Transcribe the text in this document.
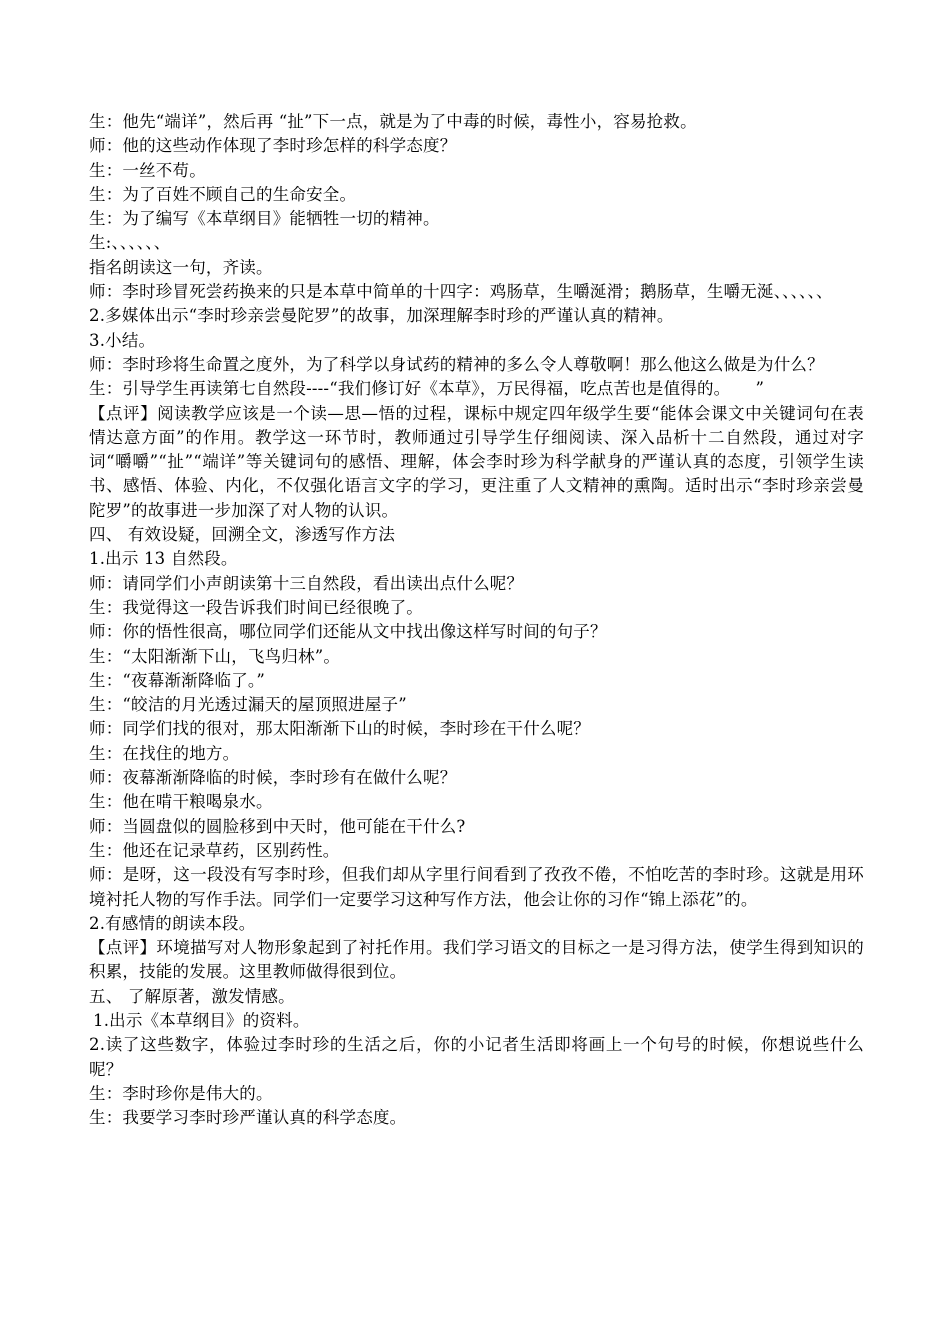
生：他先“端详”，然后再 “扯”下一点，就是为了中毒的时候，毒性小，容易抢救。

师：他的这些动作体现了李时珍怎样的科学态度？

生：一丝不苟。

生：为了百姓不顾自己的生命安全。

生：为了编写《本草纲目》能牺牲一切的精神。

生:、、、、、、

指名朗读这一句，齐读。

师：李时珍冒死尝药换来的只是本草中简单的十四字：鸡肠草，生嚼涎滑；鹅肠草，生嚼无涎、、、、、、

2.多媒体出示“李时珍亲尝曼陀罗”的故事，加深理解李时珍的严谨认真的精神。

3.小结。

师：李时珍将生命置之度外，为了科学以身试药的精神的多么令人尊敬啊！那么他这么做是为什么？

生：引导学生再读第七自然段----“我们修订好《本草》，万民得福，吃点苦也是值得的。　　”

【点评】阅读教学应该是一个读—思—悟的过程，课标中规定四年级学生要“能体会课文中关键词句在表情达意方面”的作用。教学这一环节时，教师通过引导学生仔细阅读、深入品析十二自然段，通过对字词“嚼嚼”“扯”“端详”等关键词句的感悟、理解，体会李时珍为科学献身的严谨认真的态度，引领学生读书、感悟、体验、内化，不仅强化语言文字的学习，更注重了人文精神的熏陶。适时出示“李时珍亲尝曼陀罗”的故事进一步加深了对人物的认识。

四、 有效设疑，回溯全文，渗透写作方法

1.出示 13 自然段。

师：请同学们小声朗读第十三自然段，看出读出点什么呢？

生：我觉得这一段告诉我们时间已经很晚了。

师：你的悟性很高，哪位同学们还能从文中找出像这样写时间的句子？

生：“太阳渐渐下山，飞鸟归林”。

生：“夜幕渐渐降临了。”

生：“皎洁的月光透过漏天的屋顶照进屋子”

师：同学们找的很对，那太阳渐渐下山的时候，李时珍在干什么呢？

生：在找住的地方。

师：夜幕渐渐降临的时候，李时珍有在做什么呢？

生：他在啃干粮喝泉水。

师：当圆盘似的圆脸移到中天时，他可能在干什么?

生：他还在记录草药，区别药性。

师：是呀，这一段没有写李时珍，但我们却从字里行间看到了孜孜不倦，不怕吃苦的李时珍。这就是用环境衬托人物的写作手法。同学们一定要学习这种写作方法，他会让你的习作“锦上添花”的。

2.有感情的朗读本段。

【点评】环境描写对人物形象起到了衬托作用。我们学习语文的目标之一是习得方法，使学生得到知识的积累，技能的发展。这里教师做得很到位。

五、 了解原著，激发情感。

1.出示《本草纲目》的资料。

2.读了这些数字，体验过李时珍的生活之后，你的小记者生活即将画上一个句号的时候，你想说些什么呢？

生：李时珍你是伟大的。

生：我要学习李时珍严谨认真的科学态度。
